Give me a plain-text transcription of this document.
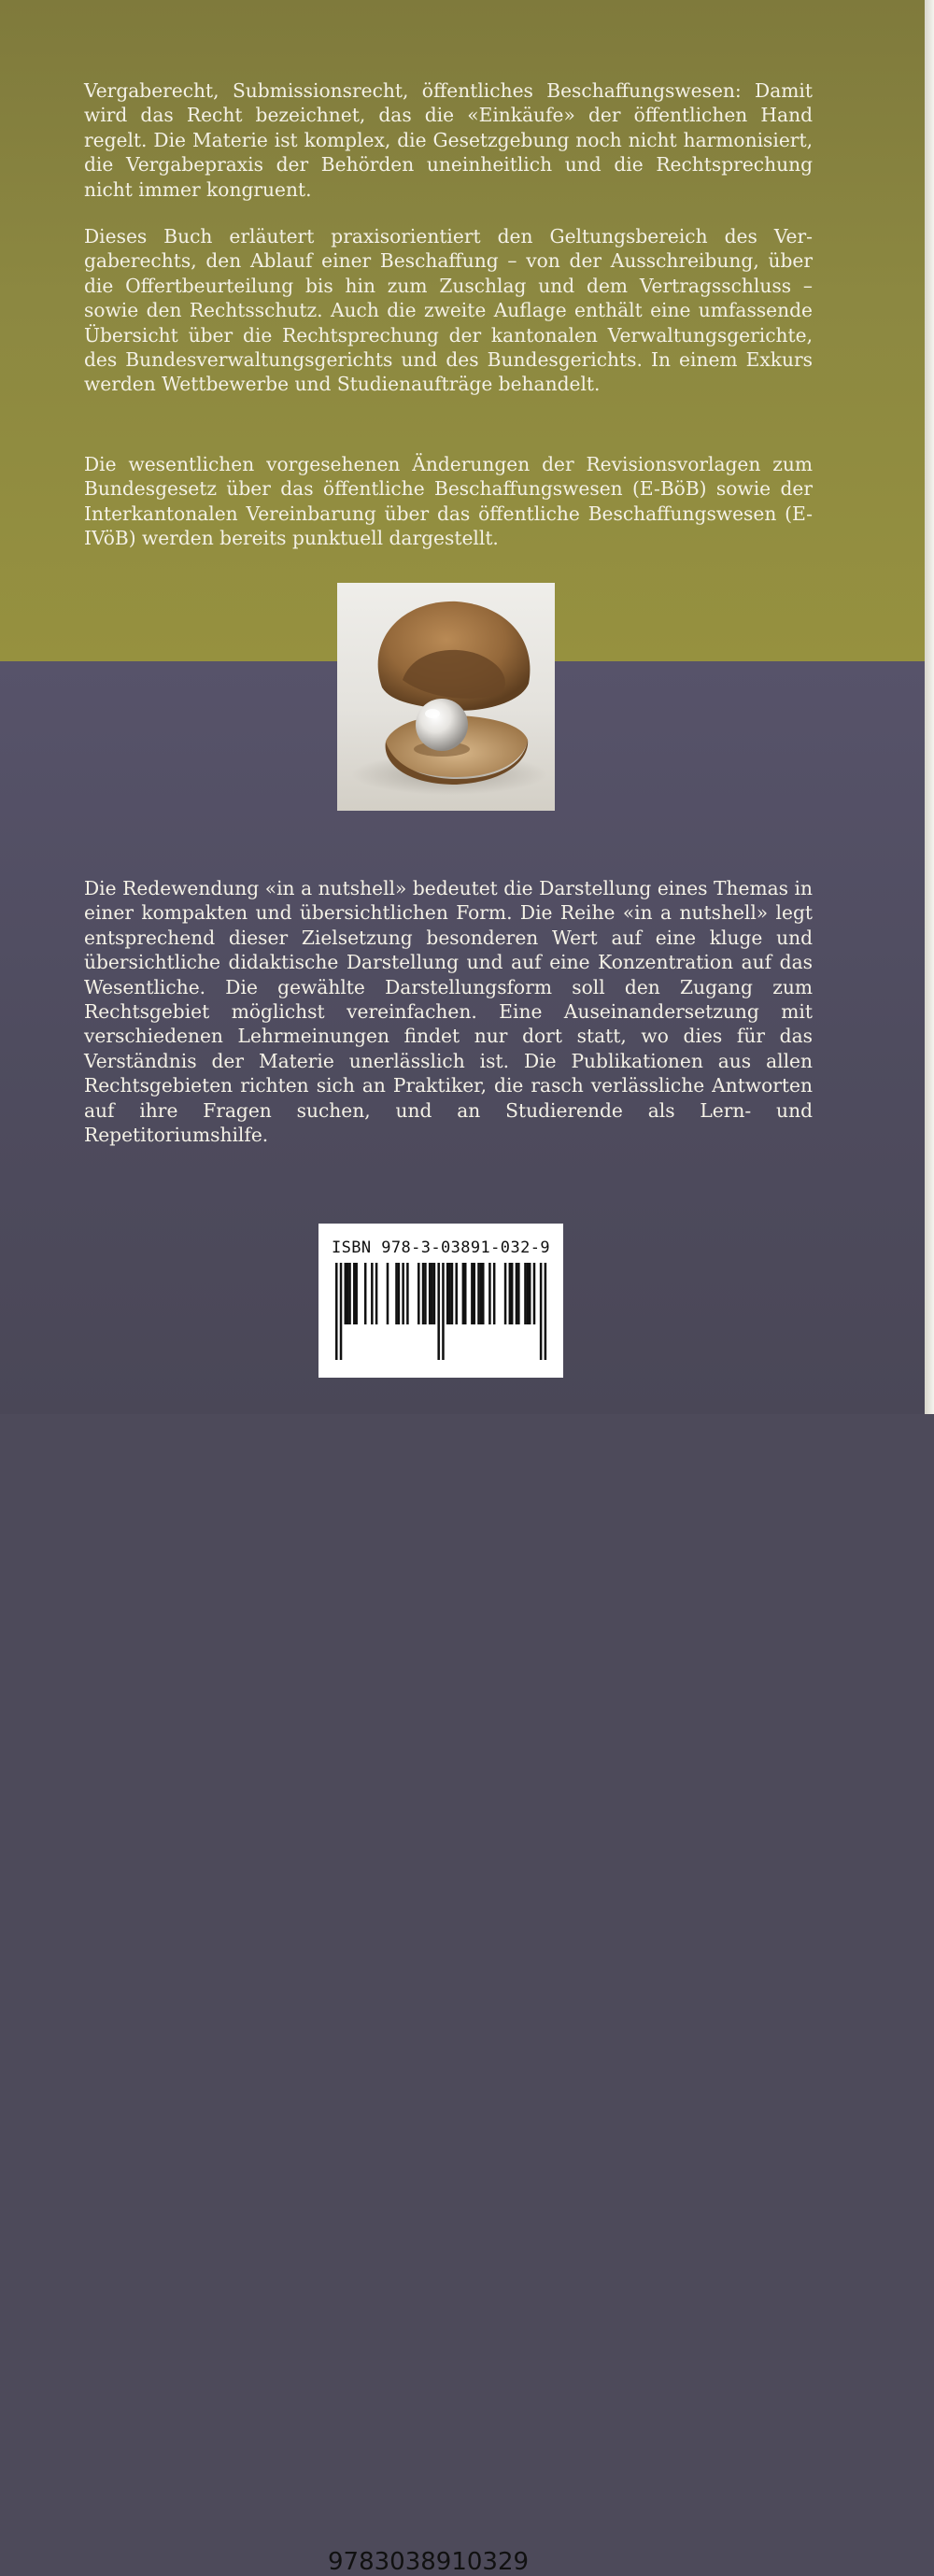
Vergaberecht, Submissionsrecht, öffentliches Beschaffungswesen: Damit wird das Recht bezeichnet, das die «Einkäufe» der öffentlichen Hand regelt. Die Materie ist komplex, die Gesetzgebung noch nicht harmonisiert, die Vergabepraxis der Behörden uneinheitlich und die Rechtsprechung nicht immer kongruent.

Dieses Buch erläutert praxisorientiert den Geltungsbereich des Vergaberechts, den Ablauf einer Beschaffung – von der Ausschreibung, über die Offertbeurteilung bis hin zum Zuschlag und dem Vertragsschluss – sowie den Rechtsschutz. Auch die zweite Auflage enthält eine umfassende Übersicht über die Rechtsprechung der kantonalen Verwaltungsgerichte, des Bundesverwaltungsgerichts und des Bundesgerichts. In einem Exkurs werden Wettbewerbe und Studienaufträge behandelt.

Die wesentlichen vorgesehenen Änderungen der Revisionsvorlagen zum Bundesgesetz über das öffentliche Beschaffungswesen (E-BöB) sowie der Interkantonalen Vereinbarung über das öffentliche Beschaffungswesen (E-IVöB) werden bereits punktuell dargestellt.

Die Redewendung «in a nutshell» bedeutet die Darstellung eines Themas in einer kompakten und übersichtlichen Form. Die Reihe «in a nutshell» legt entsprechend dieser Zielsetzung besonderen Wert auf eine kluge und übersichtliche didaktische Darstellung und auf eine Konzentration auf das Wesentliche. Die gewählte Darstellungsform soll den Zugang zum Rechtsgebiet möglichst vereinfachen. Eine Auseinandersetzung mit verschiedenen Lehrmeinungen findet nur dort statt, wo dies für das Verständnis der Materie unerlässlich ist. Die Publikationen aus allen Rechtsgebieten richten sich an Praktiker, die rasch verlässliche Antworten auf ihre Fragen suchen, und an Studierende als Lern- und Repetitoriumshilfe.

ISBN 978-3-03891-032-9
9783038910329
